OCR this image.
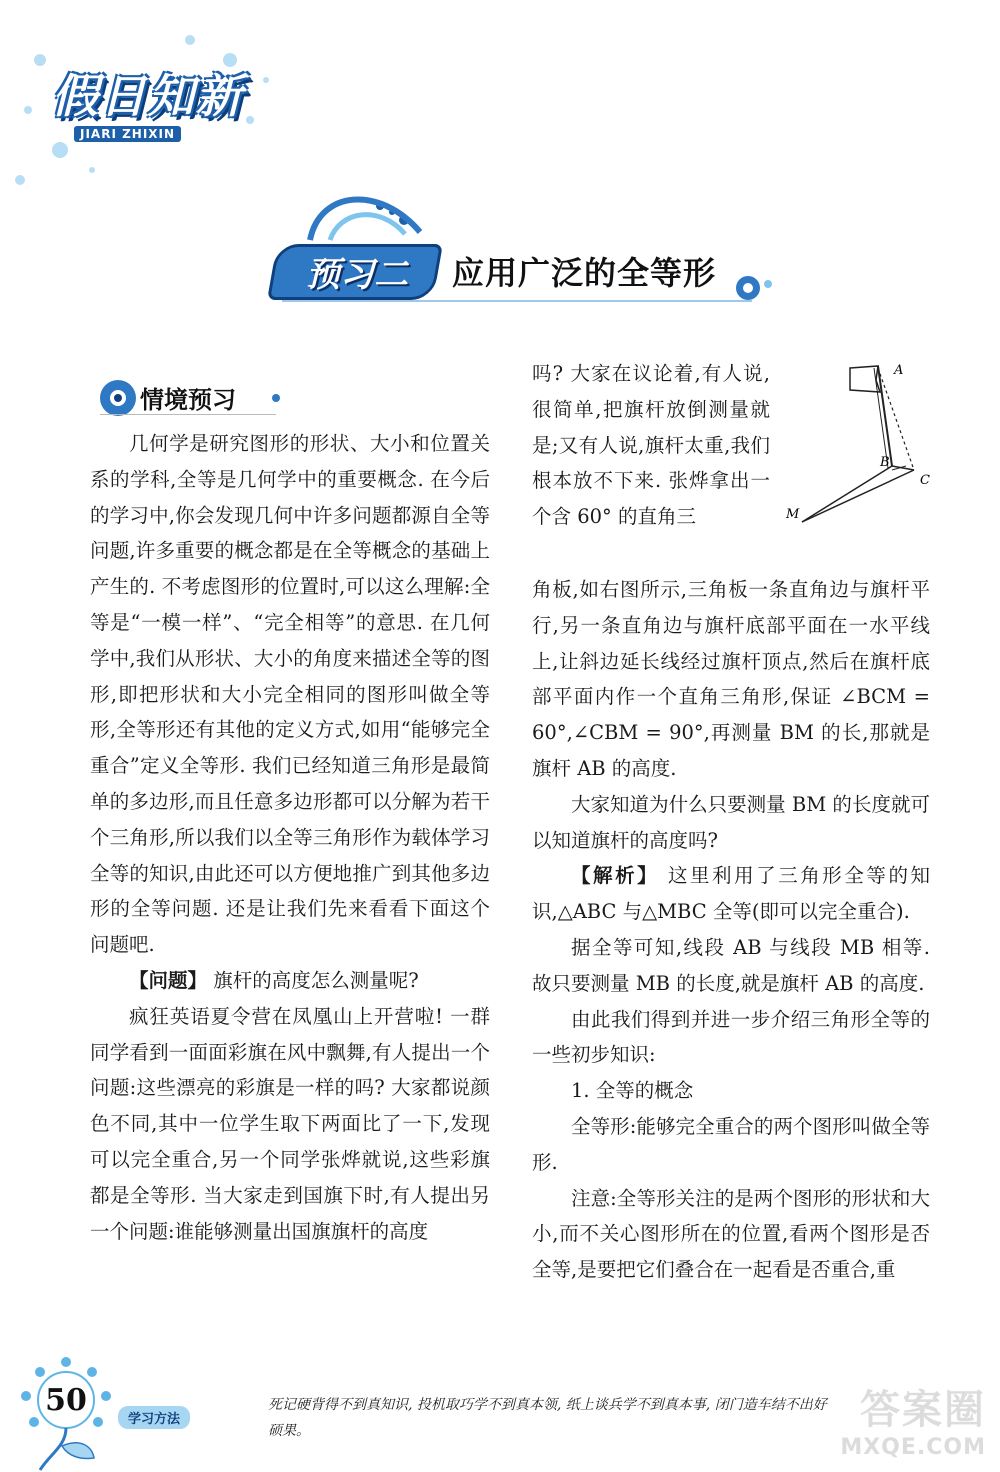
假日知新
JIARI ZHIXIN
预习二	应用广泛的全等形
情境预习

几何学是研究图形的形状、大小和位置关系的学科,全等是几何学中的重要概念. 在今后的学习中,你会发现几何中许多问题都源自全等问题,许多重要的概念都是在全等概念的基础上产生的. 不考虑图形的位置时,可以这么理解:全等是“一模一样”、“完全相等”的意思. 在几何学中,我们从形状、大小的角度来描述全等的图形,即把形状和大小完全相同的图形叫做全等形,全等形还有其他的定义方式,如用“能够完全重合”定义全等形. 我们已经知道三角形是最简单的多边形,而且任意多边形都可以分解为若干个三角形,所以我们以全等三角形作为载体学习全等的知识,由此还可以方便地推广到其他多边形的全等问题. 还是让我们先来看看下面这个问题吧.

【问题】 旗杆的高度怎么测量呢?

疯狂英语夏令营在凤凰山上开营啦! 一群同学看到一面面彩旗在风中飘舞,有人提出一个问题:这些漂亮的彩旗是一样的吗? 大家都说颜色不同,其中一位学生取下两面比了一下,发现可以完全重合,另一个同学张烨就说,这些彩旗都是全等形. 当大家走到国旗下时,有人提出另一个问题:谁能够测量出国旗旗杆的高度

吗? 大家在议论着,有人说,很简单,把旗杆放倒测量就是;又有人说,旗杆太重,我们根本放不下来. 张烨拿出一个含 60° 的直角三

A
B
C
M

角板,如右图所示,三角板一条直角边与旗杆平行,另一条直角边与旗杆底部平面在一水平线上,让斜边延长线经过旗杆顶点,然后在旗杆底部平面内作一个直角三角形,保证 ∠BCM = 60°,∠CBM = 90°,再测量 BM 的长,那就是旗杆 AB 的高度.

大家知道为什么只要测量 BM 的长度就可以知道旗杆的高度吗?

【解析】 这里利用了三角形全等的知识,△ABC 与△MBC 全等(即可以完全重合).

据全等可知,线段 AB 与线段 MB 相等. 故只要测量 MB 的长度,就是旗杆 AB 的高度.

由此我们得到并进一步介绍三角形全等的一些初步知识:

1. 全等的概念

全等形:能够完全重合的两个图形叫做全等形.

注意:全等形关注的是两个图形的形状和大小,而不关心图形所在的位置,看两个图形是否全等,是要把它们叠合在一起看是否重合,重

50
学习方法
死记硬背得不到真知识, 投机取巧学不到真本领, 纸上谈兵学不到真本事, 闭门造车结不出好
硕果。	答案圈
MXQE.COM
